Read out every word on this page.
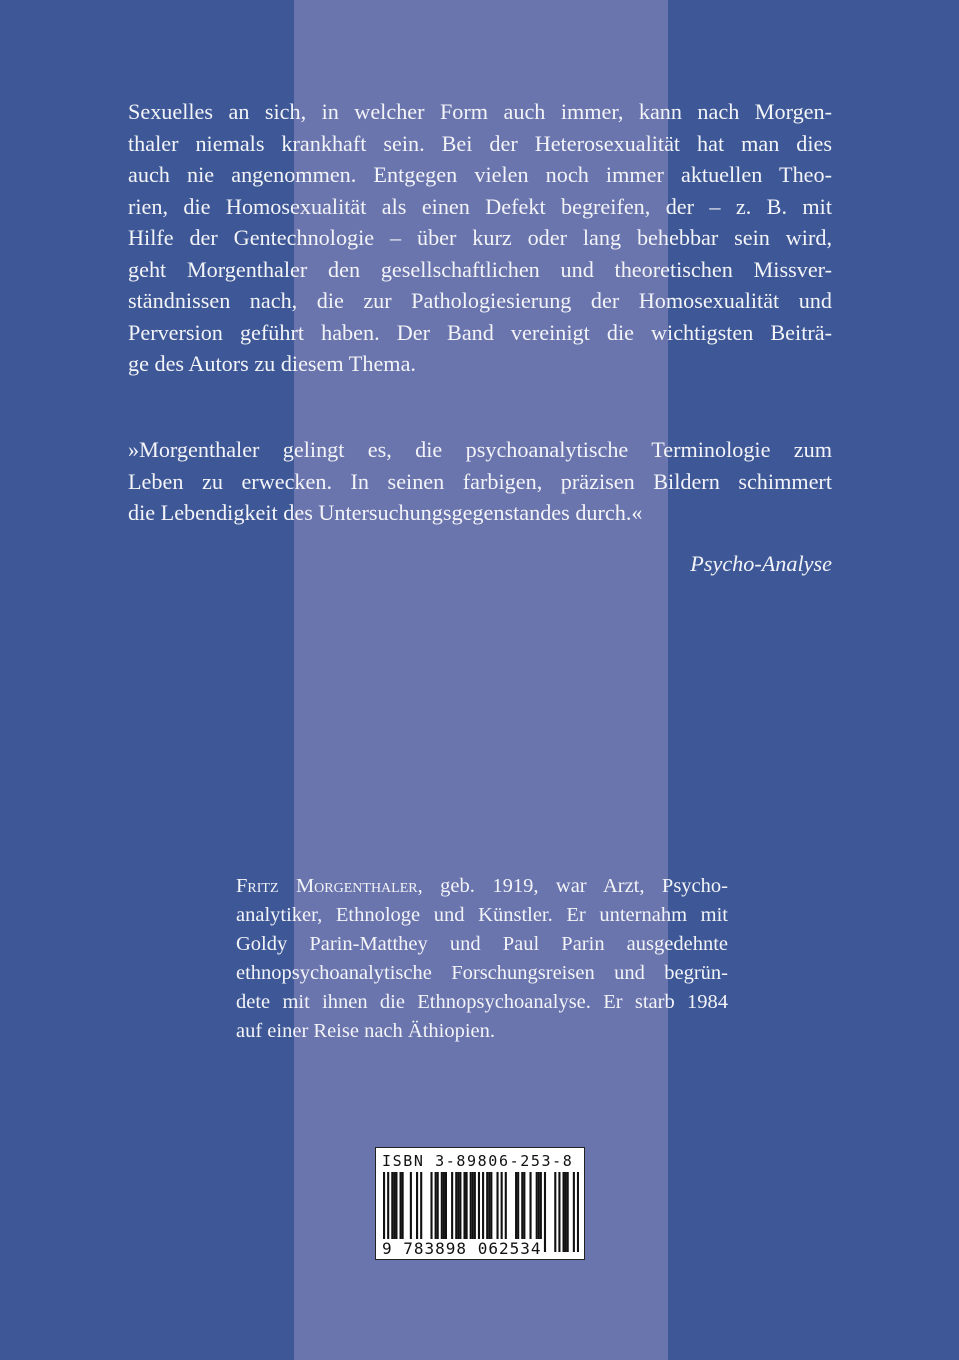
Sexuelles an sich, in welcher Form auch immer, kann nach Morgen-
thaler niemals krankhaft sein. Bei der Heterosexualität hat man dies
auch nie angenommen. Entgegen vielen noch immer aktuellen Theo-
rien, die Homosexualität als einen Defekt begreifen, der – z. B. mit
Hilfe der Gentechnologie – über kurz oder lang behebbar sein wird,
geht Morgenthaler den gesellschaftlichen und theoretischen Missver-
ständnissen nach, die zur Pathologiesierung der Homosexualität und
Perversion geführt haben. Der Band vereinigt die wichtigsten Beiträ-
ge des Autors zu diesem Thema.
»Morgenthaler gelingt es, die psychoanalytische Terminologie zum
Leben zu erwecken. In seinen farbigen, präzisen Bildern schimmert
die Lebendigkeit des Untersuchungsgegenstandes durch.«
Psycho-Analyse
Fritz Morgenthaler, geb. 1919, war Arzt, Psycho-
analytiker, Ethnologe und Künstler. Er unternahm mit
Goldy Parin-Matthey und Paul Parin ausgedehnte
ethnopsychoanalytische Forschungsreisen und begrün-
dete mit ihnen die Ethnopsychoanalyse. Er starb 1984
auf einer Reise nach Äthiopien.
ISBN 3-89806-253-8
9 783898 062534
